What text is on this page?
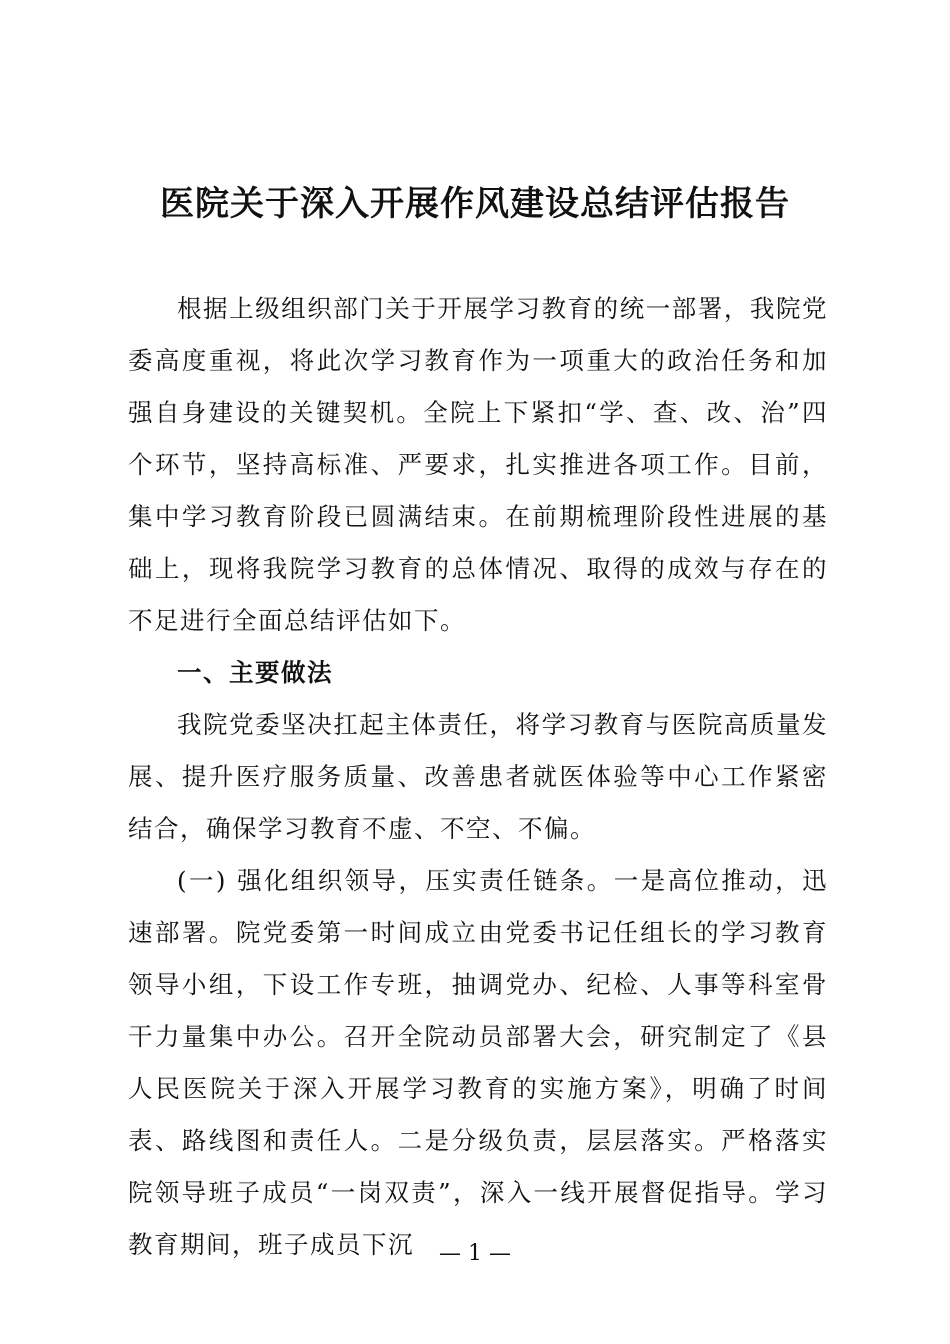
医院关于深入开展作风建设总结评估报告

根据上级组织部门关于开展学习教育的统一部署，我院党委高度重视，将此次学习教育作为一项重大的政治任务和加强自身建设的关键契机。全院上下紧扣“学、查、改、治”四个环节，坚持高标准、严要求，扎实推进各项工作。目前，集中学习教育阶段已圆满结束。在前期梳理阶段性进展的基础上，现将我院学习教育的总体情况、取得的成效与存在的不足进行全面总结评估如下。

一、主要做法

我院党委坚决扛起主体责任，将学习教育与医院高质量发展、提升医疗服务质量、改善患者就医体验等中心工作紧密结合，确保学习教育不虚、不空、不偏。

(一) 强化组织领导，压实责任链条。一是高位推动，迅速部署。院党委第一时间成立由党委书记任组长的学习教育领导小组，下设工作专班，抽调党办、纪检、人事等科室骨干力量集中办公。召开全院动员部署大会，研究制定了《县人民医院关于深入开展学习教育的实施方案》，明确了时间表、路线图和责任人。二是分级负责，层层落实。严格落实院领导班子成员“一岗双责”，深入一线开展督促指导。学习教育期间，班子成员下沉	— 1 —
